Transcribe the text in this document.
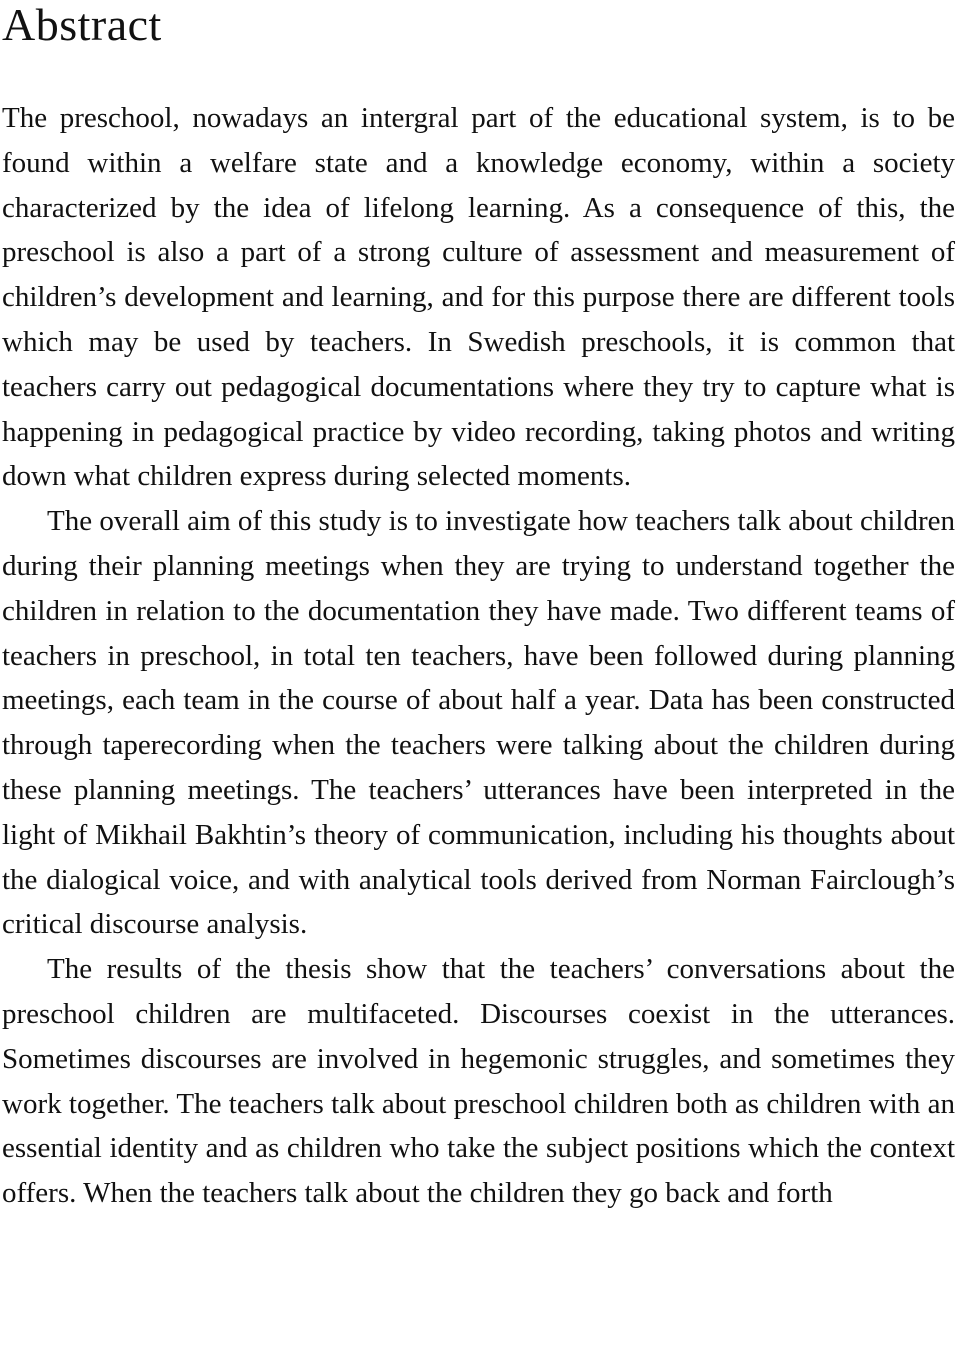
Abstract

The preschool, nowadays an intergral part of the educational system, is to be found within a welfare state and a knowledge economy, within a society characterized by the idea of lifelong learning. As a consequence of this, the preschool is also a part of a strong culture of assessment and measurement of children’s development and learning, and for this purpose there are different tools which may be used by teachers. In Swedish preschools, it is common that teachers carry out pedagogical documentations where they try to capture what is happening in pedagogical practice by video recording, taking photos and writing down what children express during selected moments.

The overall aim of this study is to investigate how teachers talk about children during their planning meetings when they are trying to understand together the children in relation to the documentation they have made. Two different teams of teachers in preschool, in total ten teachers, have been followed during planning meetings, each team in the course of about half a year. Data has been constructed through taperecording when the teachers were talking about the children during these planning meetings. The teachers’ utterances have been interpreted in the light of Mikhail Bakhtin’s theory of communication, including his thoughts about the dialogical voice, and with analytical tools derived from Norman Fairclough’s critical discourse analysis.

The results of the thesis show that the teachers’ conversations about the preschool children are multifaceted. Discourses coexist in the utterances. Sometimes discourses are involved in hegemonic struggles, and sometimes they work together. The teachers talk about preschool children both as children with an essential identity and as children who take the subject positions which the context offers. When the teachers talk about the children they go back and forth
